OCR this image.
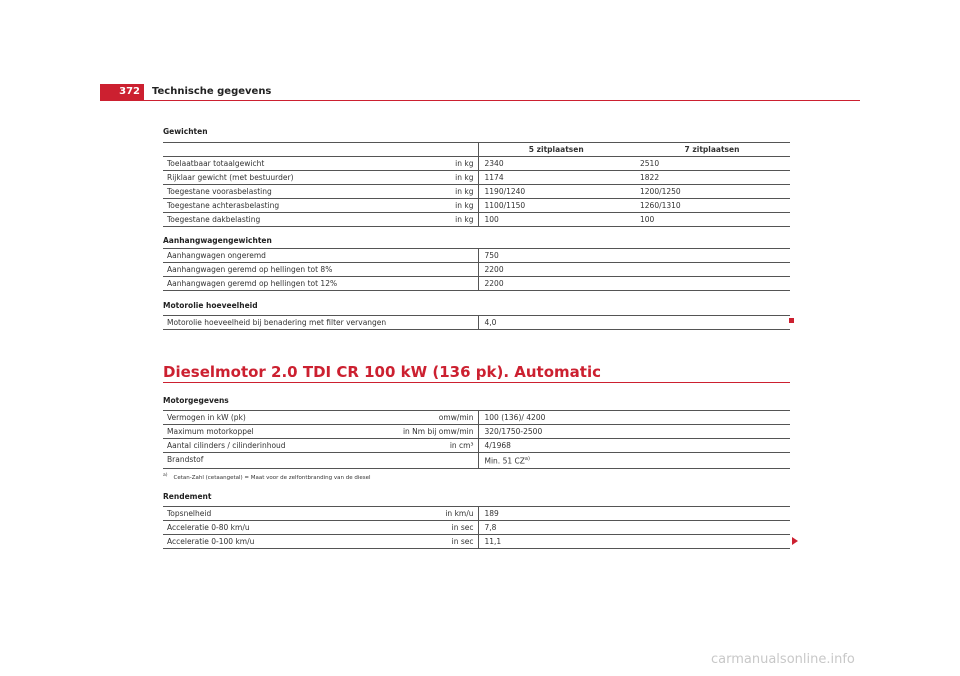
372	Technische gegevens
Gewichten
	5 zitplaatsen	7 zitplaatsen

Toelaatbaar totaalgewicht in kg	2340	2510

Rijklaar gewicht (met bestuurder) in kg	1174	1822

Toegestane voorasbelasting in kg	1190/1240	1200/1250

Toegestane achterasbelasting in kg	1100/1150	1260/1310

Toegestane dakbelasting in kg	100	100
Aanhangwagengewichten
Aanhangwagen ongeremd	750
Aanhangwagen geremd op hellingen tot 8%	2200
Aanhangwagen geremd op hellingen tot 12%	2200
Motorolie hoeveelheid
Motorolie hoeveelheid bij benadering met filter vervangen	4,0
Dieselmotor 2.0 TDI CR 100 kW (136 pk). Automatic
Motorgegevens
Vermogen in kW (pk) omw/min	100 (136)/ 4200

Maximum motorkoppel in Nm bij omw/min	320/1750-2500

Aantal cilinders / cilinderinhoud in cm³	4/1968

Brandstof	Min. 51 CZ$^{a)}$
$^{a)}$ Cetan-Zahl (cetaangetal) = Maat voor de zelfontbranding van de diesel
Rendement
Topsnelheid in km/u	189

Acceleratie 0-80 km/u in sec	7,8

Acceleratie 0-100 km/u in sec	11,1
carmanualsonline.info
